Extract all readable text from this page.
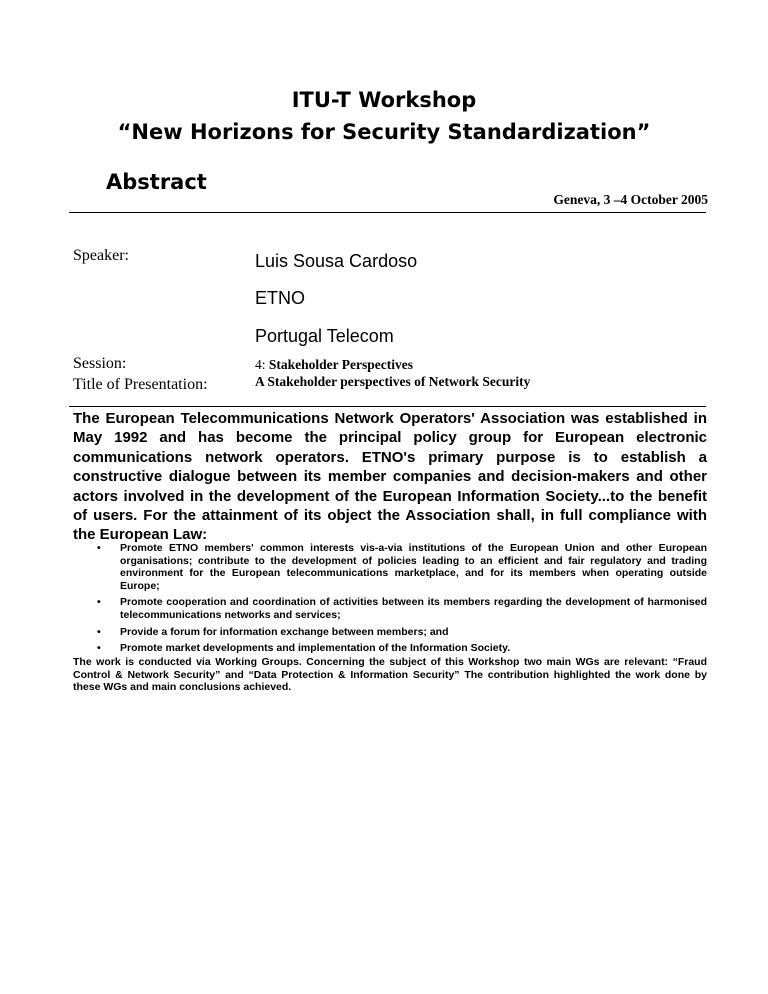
ITU-T Workshop
“New Horizons for Security Standardization”
Abstract
Geneva, 3 –4 October 2005
Speaker:	Luis Sousa Cardoso
ETNO
Portugal Telecom
Session:
Title of Presentation:
4: Stakeholder Perspectives
A Stakeholder perspectives of Network Security
The European Telecommunications Network Operators' Association was established in May 1992 and has become the principal policy group for European electronic communications network operators. ETNO's primary purpose is to establish a constructive dialogue between its member companies and decision-makers and other actors involved in the development of the European Information Society...to the benefit of users. For the attainment of its object the Association shall, in full compliance with the European Law:
• Promote ETNO members' common interests vis-a-via institutions of the European Union and other European organisations; contribute to the development of policies leading to an efficient and fair regulatory and trading environment for the European telecommunications marketplace, and for its members when operating outside Europe;
• Promote cooperation and coordination of activities between its members regarding the development of harmonised telecommunications networks and services;
• Provide a forum for information exchange between members; and
• Promote market developments and implementation of the Information Society.
The work is conducted via Working Groups. Concerning the subject of this Workshop two main WGs are relevant: “Fraud Control & Network Security” and “Data Protection & Information Security” The contribution highlighted the work done by these WGs and main conclusions achieved.
